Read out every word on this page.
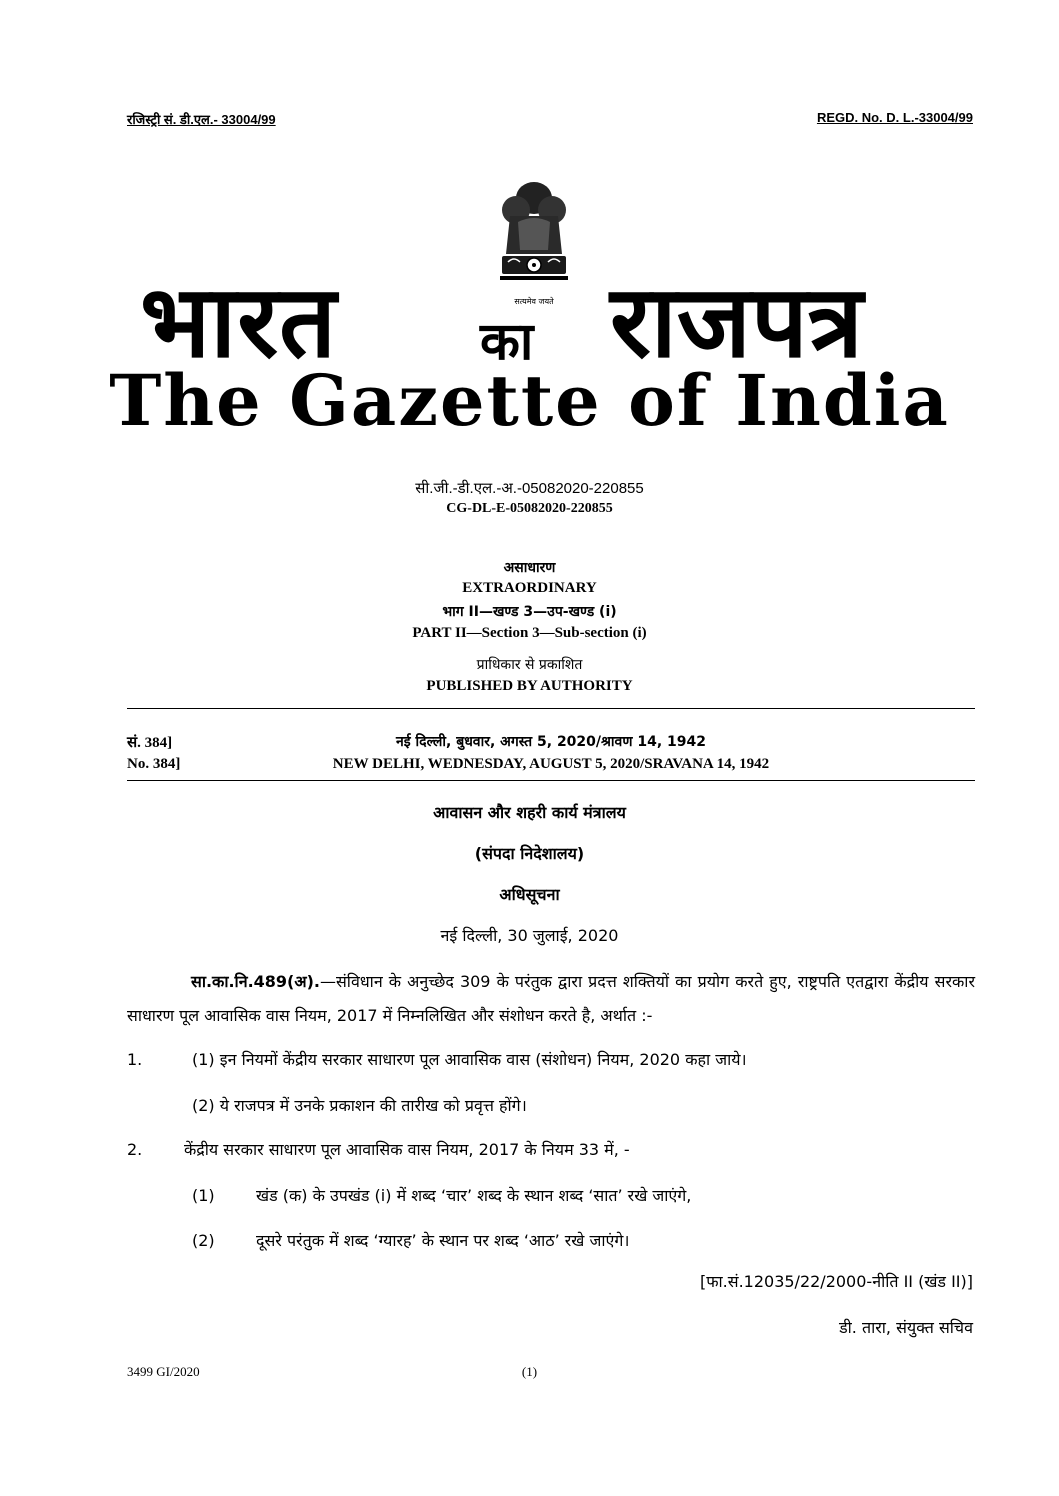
रजिस्ट्री सं. डी.एल.- 33004/99	REGD. No. D. L.-33004/99
सत्यमेव जयते
भारत	का राजपत्र
The Gazette of India
सी.जी.-डी.एल.-अ.-05082020-220855
CG-DL-E-05082020-220855
असाधारण
EXTRAORDINARY
भाग II—खण्ड 3—उप-खण्ड (i)
PART II—Section 3—Sub-section (i)
प्राधिकार से प्रकाशित
PUBLISHED BY AUTHORITY
सं. 384]	नई दिल्ली, बुधवार, अगस्त 5, 2020/श्रावण 14, 1942
No. 384]	NEW DELHI, WEDNESDAY, AUGUST 5, 2020/SRAVANA 14, 1942
आवासन और शहरी कार्य मंत्रालय
(संपदा निदेशालय)
अधिसूचना
नई दिल्ली, 30 जुलाई, 2020
सा.का.नि.489(अ).—संविधान के अनुच्छेद 309 के परंतुक द्वारा प्रदत्त शक्तियों का प्रयोग करते हुए, राष्ट्रपति एतद्वारा केंद्रीय सरकार साधारण पूल आवासिक वास नियम, 2017 में निम्नलिखित और संशोधन करते है, अर्थात :-
1.	(1) इन नियमों केंद्रीय सरकार साधारण पूल आवासिक वास (संशोधन) नियम, 2020 कहा जाये।
(2) ये राजपत्र में उनके प्रकाशन की तारीख को प्रवृत्त होंगे।
2.	केंद्रीय सरकार साधारण पूल आवासिक वास नियम, 2017 के नियम 33 में, -
(1)	खंड (क) के उपखंड (i) में शब्द ‘चार’ शब्द के स्थान शब्द ‘सात’ रखे जाएंगे,
(2)	दूसरे परंतुक में शब्द ‘ग्यारह’ के स्थान पर शब्द ‘आठ’ रखे जाएंगे।
[फा.सं.12035/22/2000-नीति II (खंड II)]
डी. तारा, संयुक्त सचिव
3499 GI/2020	(1)
